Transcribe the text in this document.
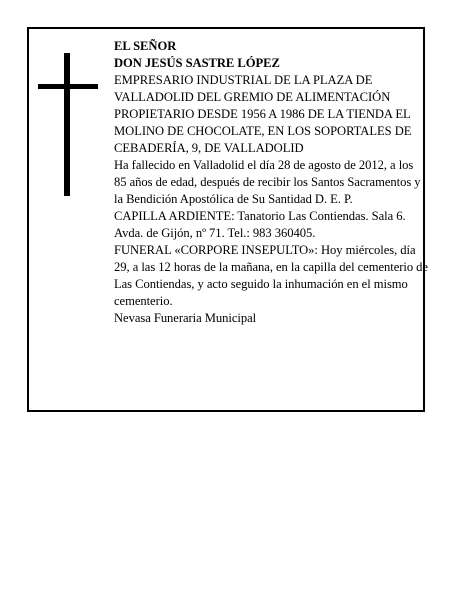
EL SEÑOR

DON JESÚS SASTRE LÓPEZ

EMPRESARIO INDUSTRIAL DE LA PLAZA DE VALLADOLID DEL GREMIO DE ALIMENTACIÓN PROPIETARIO DESDE 1956 A 1986 DE LA TIENDA EL MOLINO DE CHOCOLATE, EN LOS SOPORTALES DE CEBADERÍA, 9, DE VALLADOLID

Ha fallecido en Valladolid el día 28 de agosto de 2012, a los 85 años de edad, después de recibir los Santos Sacramentos y la Bendición Apostólica de Su Santidad D. E. P.

CAPILLA ARDIENTE: Tanatorio Las Contiendas. Sala 6. Avda. de Gijón, nº 71. Tel.: 983 360405.

FUNERAL «CORPORE INSEPULTO»: Hoy miércoles, día 29, a las 12 horas de la mañana, en la capilla del cementerio de Las Contiendas, y acto seguido la inhumación en el mismo cementerio.

Nevasa Funeraria Municipal
